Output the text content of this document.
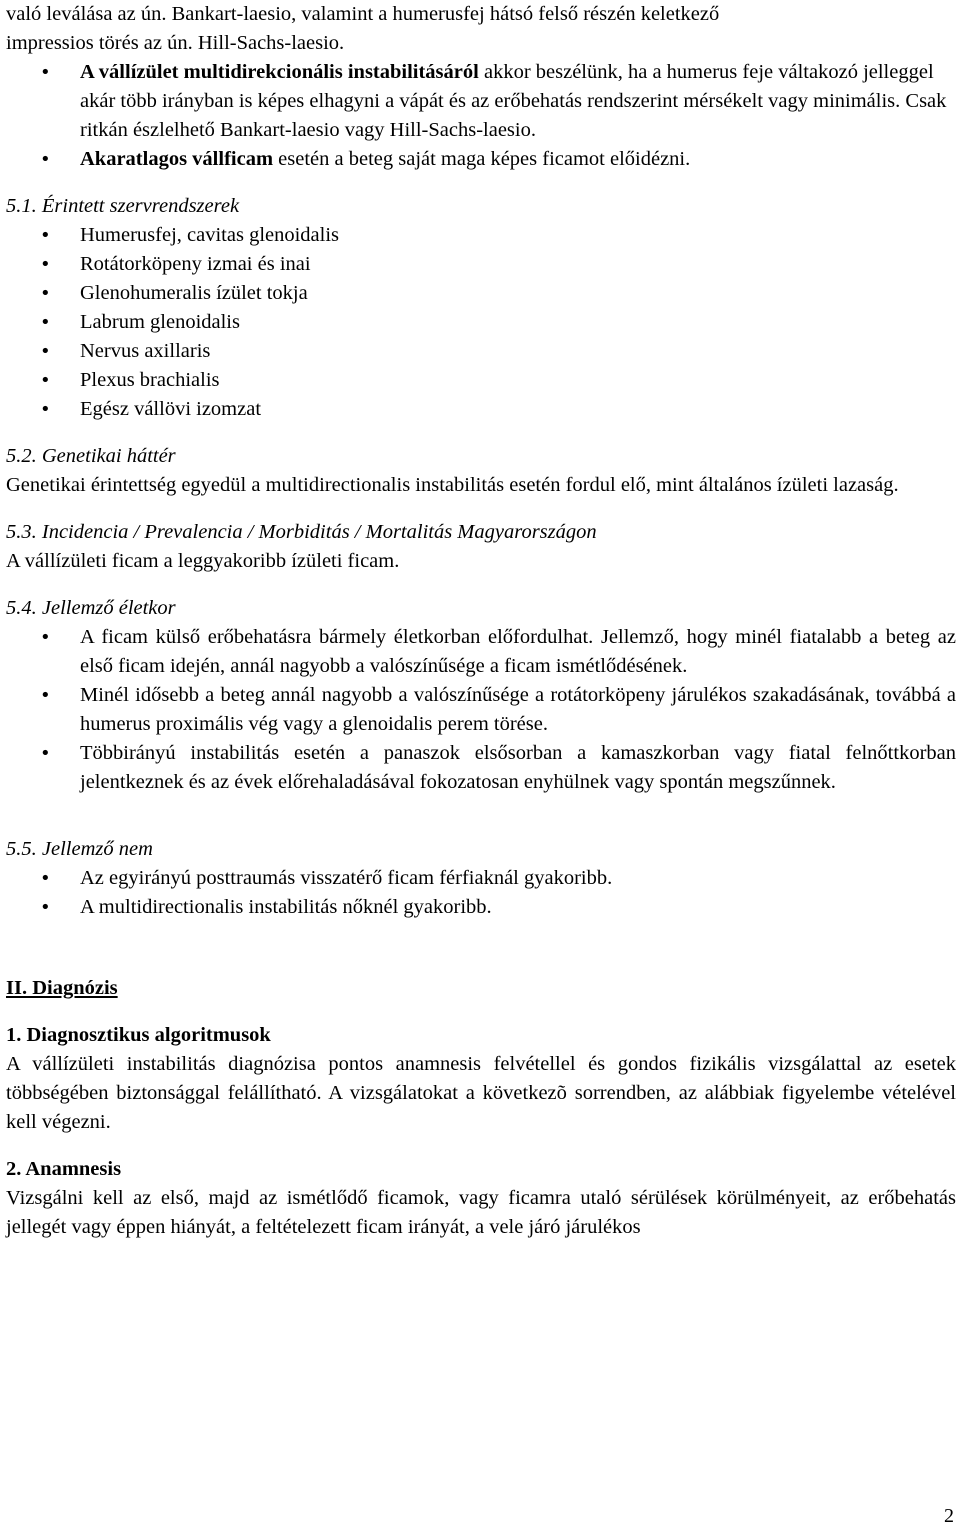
való leválása az ún. Bankart-laesio, valamint a humerusfej hátsó felső részén keletkező

impressios törés az ún. Hill-Sachs-laesio.

• A vállízület multidirekcionális instabilitásáról akkor beszélünk, ha a humerus feje váltakozó jelleggel akár több irányban is képes elhagyni a vápát és az erőbehatás rendszerint mérsékelt vagy minimális. Csak ritkán észlelhető Bankart-laesio vagy Hill-Sachs-laesio.
• Akaratlagos vállficam esetén a beteg saját maga képes ficamot előidézni.

5.1. Érintett szervrendszerek

• Humerusfej, cavitas glenoidalis
• Rotátorköpeny izmai és inai
• Glenohumeralis ízület tokja
• Labrum glenoidalis
• Nervus axillaris
• Plexus brachialis
• Egész vállövi izomzat

5.2. Genetikai háttér

Genetikai érintettség egyedül a multidirectionalis instabilitás esetén fordul elő, mint általános ízületi lazaság.

5.3. Incidencia / Prevalencia / Morbiditás / Mortalitás Magyarországon

A vállízületi ficam a leggyakoribb ízületi ficam.

5.4. Jellemző életkor

• A ficam külső erőbehatásra bármely életkorban előfordulhat. Jellemző, hogy minél fiatalabb a beteg az első ficam idején, annál nagyobb a valószínűsége a ficam ismétlődésének.
• Minél idősebb a beteg annál nagyobb a valószínűsége a rotátorköpeny járulékos szakadásának, továbbá a humerus proximális vég vagy a glenoidalis perem törése.
• Többirányú instabilitás esetén a panaszok elsősorban a kamaszkorban vagy fiatal felnőttkorban jelentkeznek és az évek előrehaladásával fokozatosan enyhülnek vagy spontán megszűnnek.

5.5. Jellemző nem

• Az egyirányú posttraumás visszatérő ficam férfiaknál gyakoribb.
• A multidirectionalis instabilitás nőknél gyakoribb.

II. Diagnózis

1. Diagnosztikus algoritmusok

A vállízületi instabilitás diagnózisa pontos anamnesis felvétellel és gondos fizikális vizsgálattal az esetek többségében biztonsággal felállítható. A vizsgálatokat a következõ sorrendben, az alábbiak figyelembe vételével kell végezni.

2. Anamnesis

Vizsgálni kell az első, majd az ismétlődő ficamok, vagy ficamra utaló sérülések körülményeit, az erőbehatás jellegét vagy éppen hiányát, a feltételezett ficam irányát, a vele járó járulékos

2
